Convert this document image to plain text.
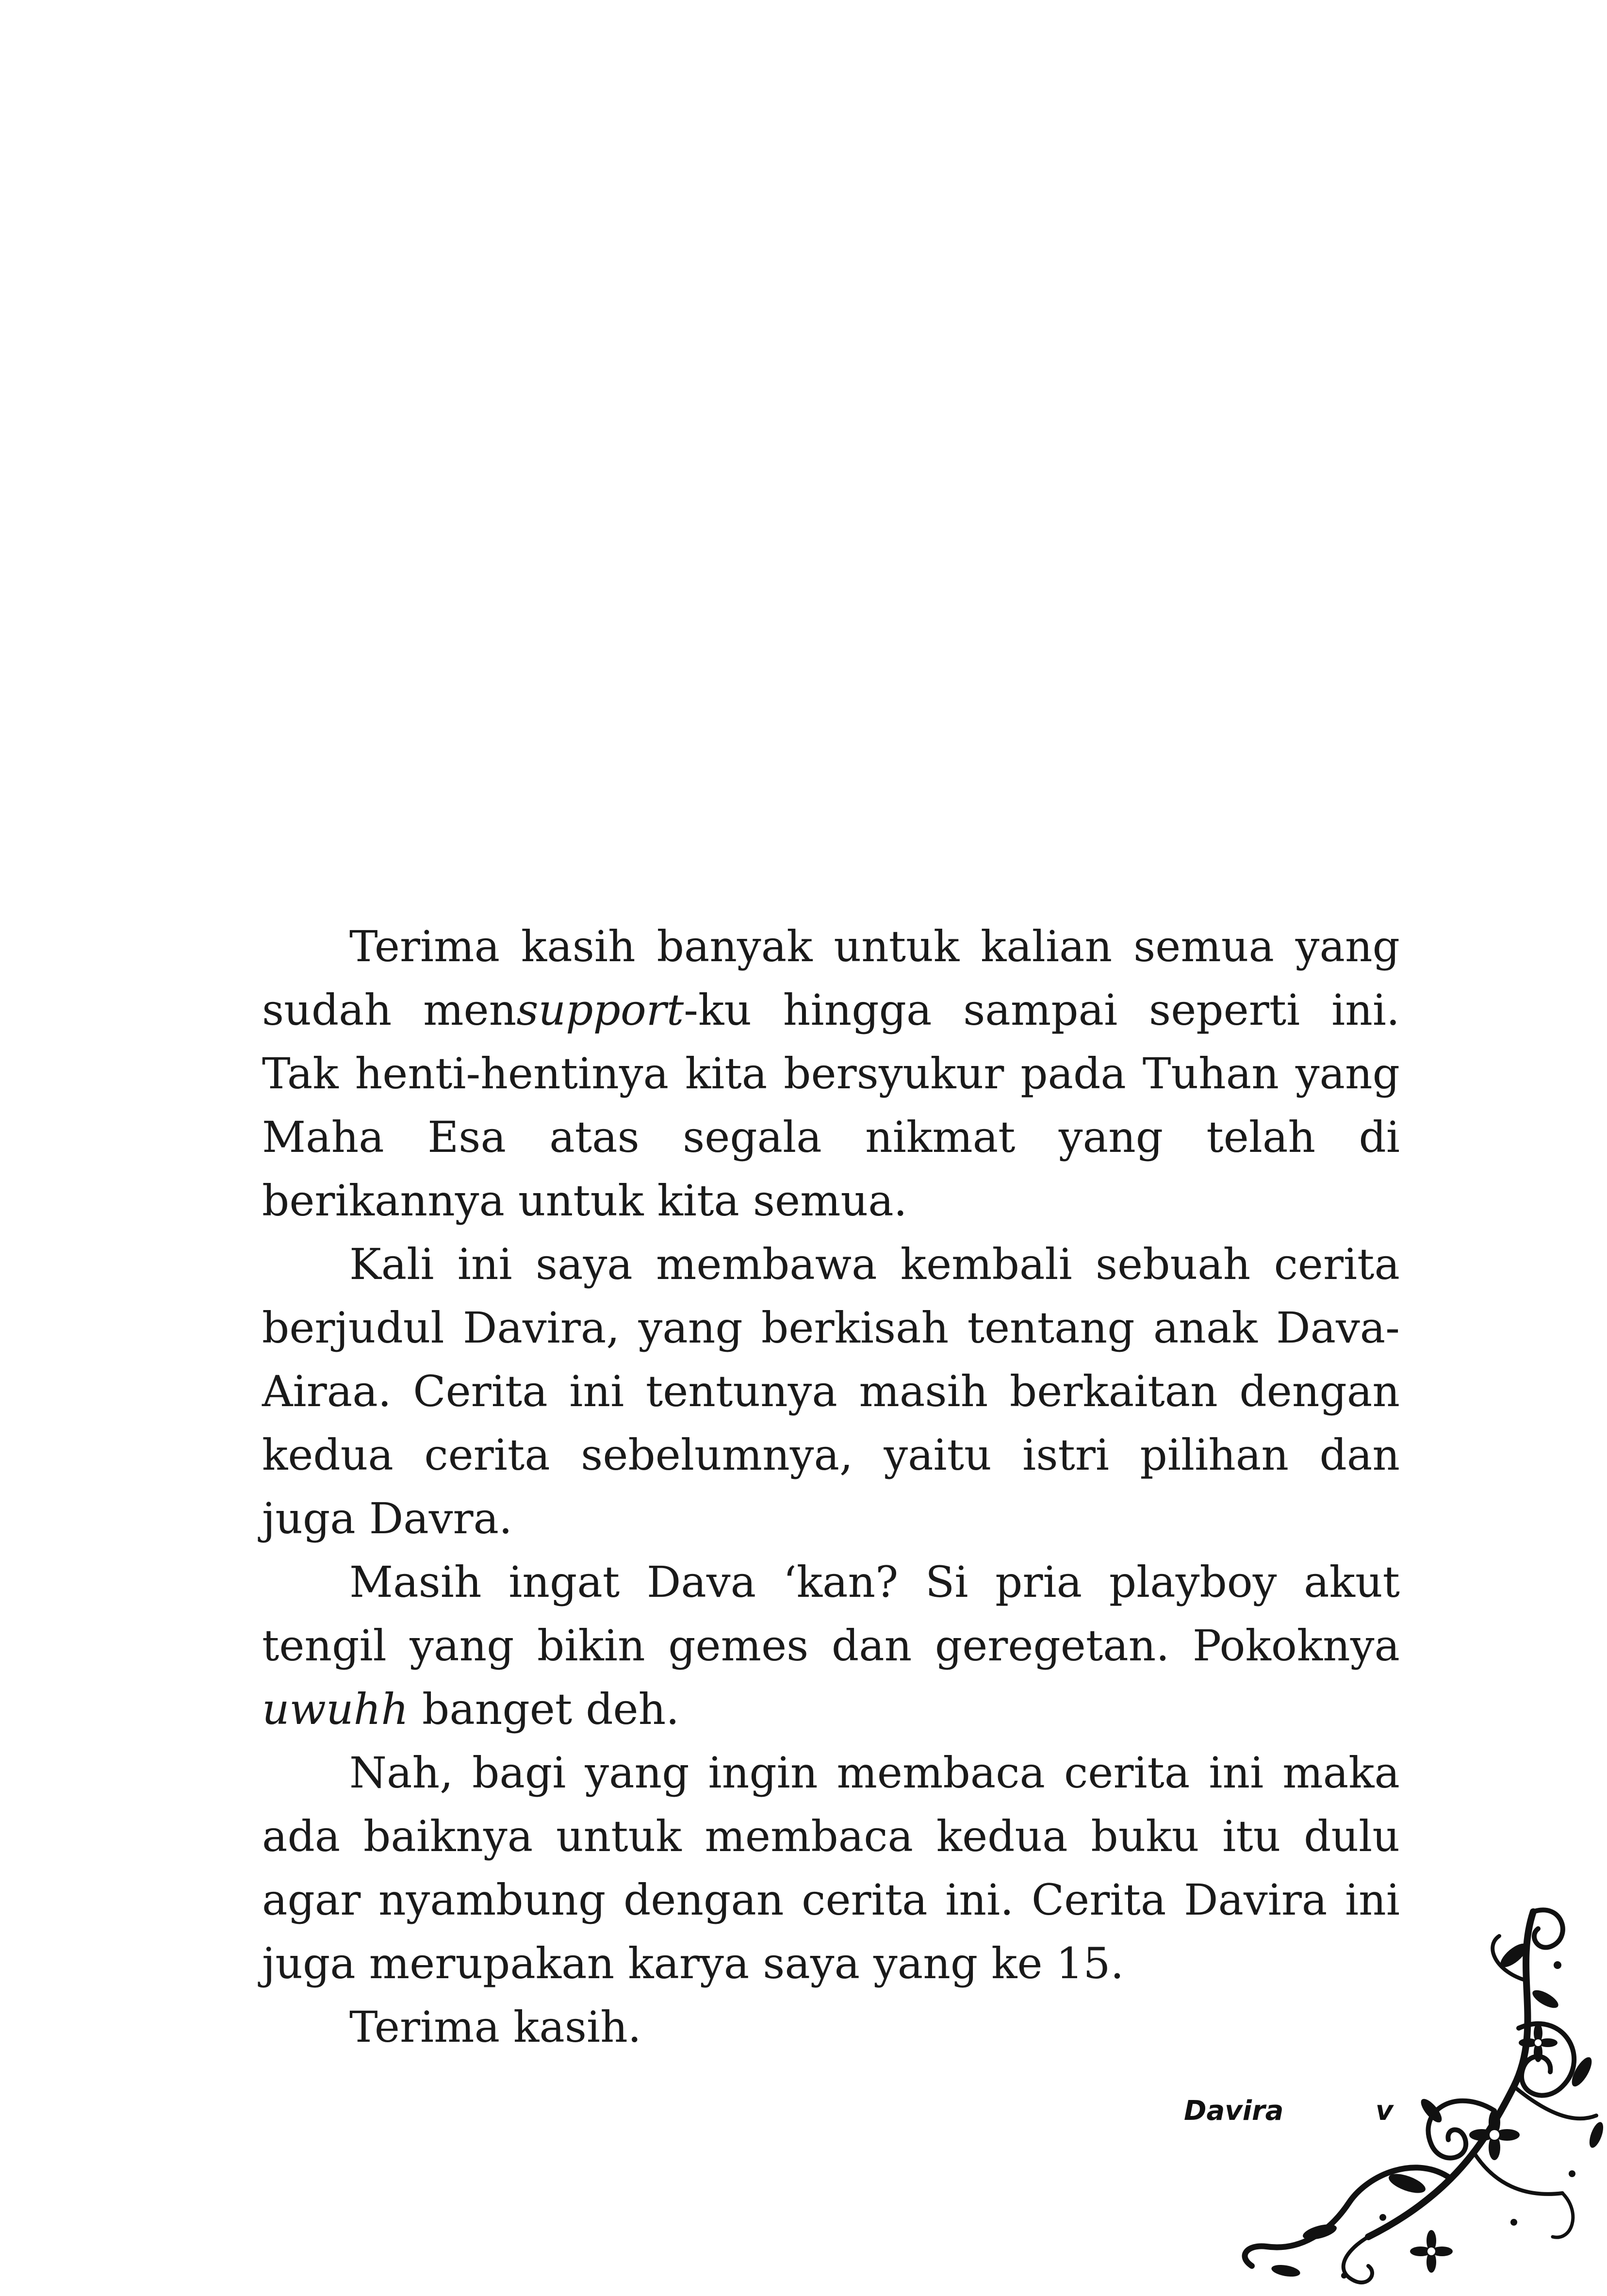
Terima kasih banyak untuk kalian semua yang sudah mensupport-ku hingga sampai seperti ini. Tak henti-hentinya kita bersyukur pada Tuhan yang Maha Esa atas segala nikmat yang telah di berikannya untuk kita semua.

Kali ini saya membawa kembali sebuah cerita berjudul Davira, yang berkisah tentang anak Dava-Airaa. Cerita ini tentunya masih berkaitan dengan kedua cerita sebelumnya, yaitu istri pilihan dan juga Davra.

Masih ingat Dava ‘kan? Si pria playboy akut tengil yang bikin gemes dan geregetan. Pokoknya uwuhh banget deh.

Nah, bagi yang ingin membaca cerita ini maka ada baiknya untuk membaca kedua buku itu dulu agar nyambung dengan cerita ini. Cerita Davira ini juga merupakan karya saya yang ke 15.

Terima kasih.

Davira	v
